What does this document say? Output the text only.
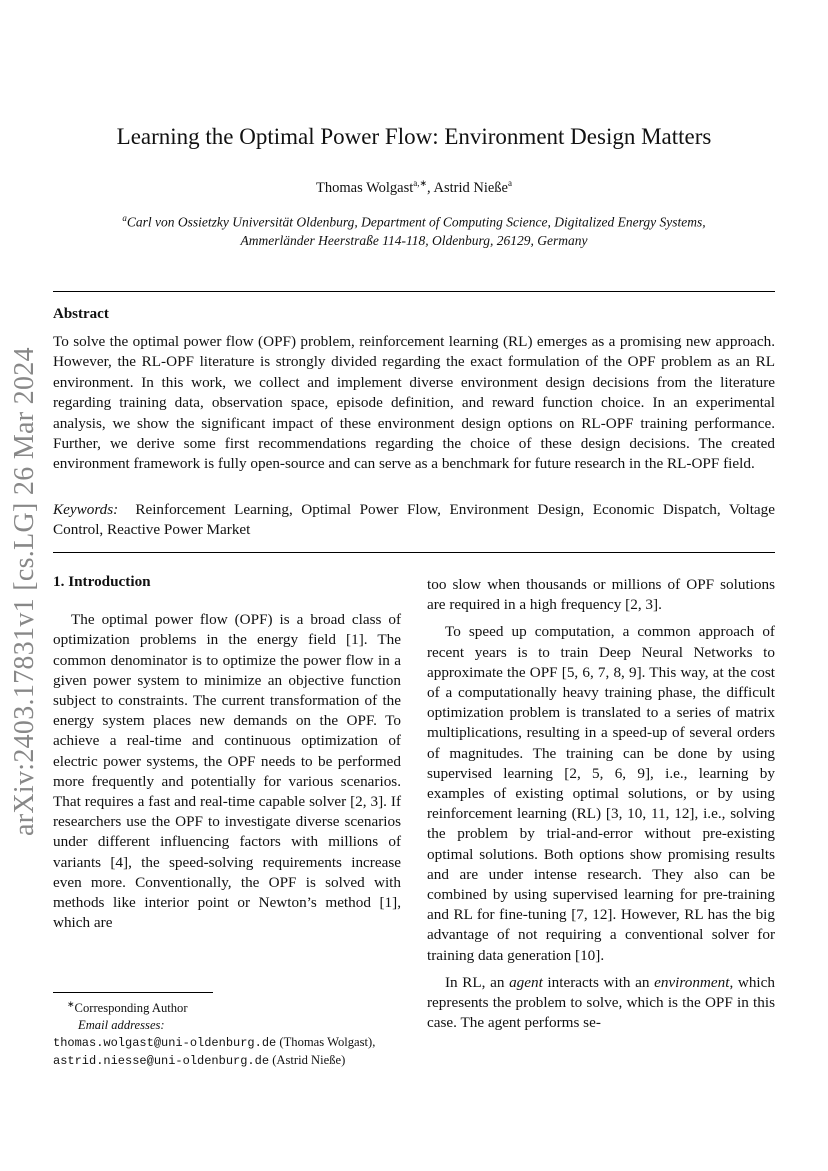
arXiv:2403.17831v1 [cs.LG] 26 Mar 2024
Learning the Optimal Power Flow: Environment Design Matters
Thomas Wolgast$^{a,∗}$, Astrid Nieße$^a$
$^a$Carl von Ossietzky Universität Oldenburg, Department of Computing Science, Digitalized Energy Systems, Ammerländer Heerstraße 114-118, Oldenburg, 26129, Germany
Abstract
To solve the optimal power flow (OPF) problem, reinforcement learning (RL) emerges as a promising new approach. However, the RL-OPF literature is strongly divided regarding the exact formulation of the OPF problem as an RL environment. In this work, we collect and implement diverse environment design decisions from the literature regarding training data, observation space, episode definition, and reward function choice. In an experimental analysis, we show the significant impact of these environment design options on RL-OPF training performance. Further, we derive some first recommendations regarding the choice of these design decisions. The created environment framework is fully open-source and can serve as a benchmark for future research in the RL-OPF field.
Keywords: Reinforcement Learning, Optimal Power Flow, Environment Design, Economic Dispatch, Voltage Control, Reactive Power Market

1. Introduction

The optimal power flow (OPF) is a broad class of optimization problems in the energy field [1]. The common denominator is to optimize the power flow in a given power system to minimize an objective function subject to constraints. The current transformation of the energy system places new demands on the OPF. To achieve a real-time and continuous optimization of electric power systems, the OPF needs to be performed more frequently and potentially for various scenarios. That requires a fast and real-time capable solver [2, 3]. If researchers use the OPF to investigate diverse scenarios under different influencing factors with millions of variants [4], the speed-solving requirements increase even more. Conventionally, the OPF is solved with methods like interior point or Newton’s method [1], which are

too slow when thousands or millions of OPF solutions are required in a high frequency [2, 3].

To speed up computation, a common approach of recent years is to train Deep Neural Networks to approximate the OPF [5, 6, 7, 8, 9]. This way, at the cost of a computationally heavy training phase, the difficult optimization problem is translated to a series of matrix multiplications, resulting in a speed-up of several orders of magnitudes. The training can be done by using supervised learning [2, 5, 6, 9], i.e., learning by examples of existing optimal solutions, or by using reinforcement learning (RL) [3, 10, 11, 12], i.e., solving the problem by trial-and-error without pre-existing optimal solutions. Both options show promising results and are under intense research. They also can be combined by using supervised learning for pre-training and RL for fine-tuning [7, 12]. However, RL has the big advantage of not requiring a conventional solver for training data generation [10].

In RL, an agent interacts with an environment, which represents the problem to solve, which is the OPF in this case. The agent performs se-

∗Corresponding Author
Email addresses:
thomas.wolgast@uni-oldenburg.de (Thomas Wolgast),
astrid.niesse@uni-oldenburg.de (Astrid Nieße)
